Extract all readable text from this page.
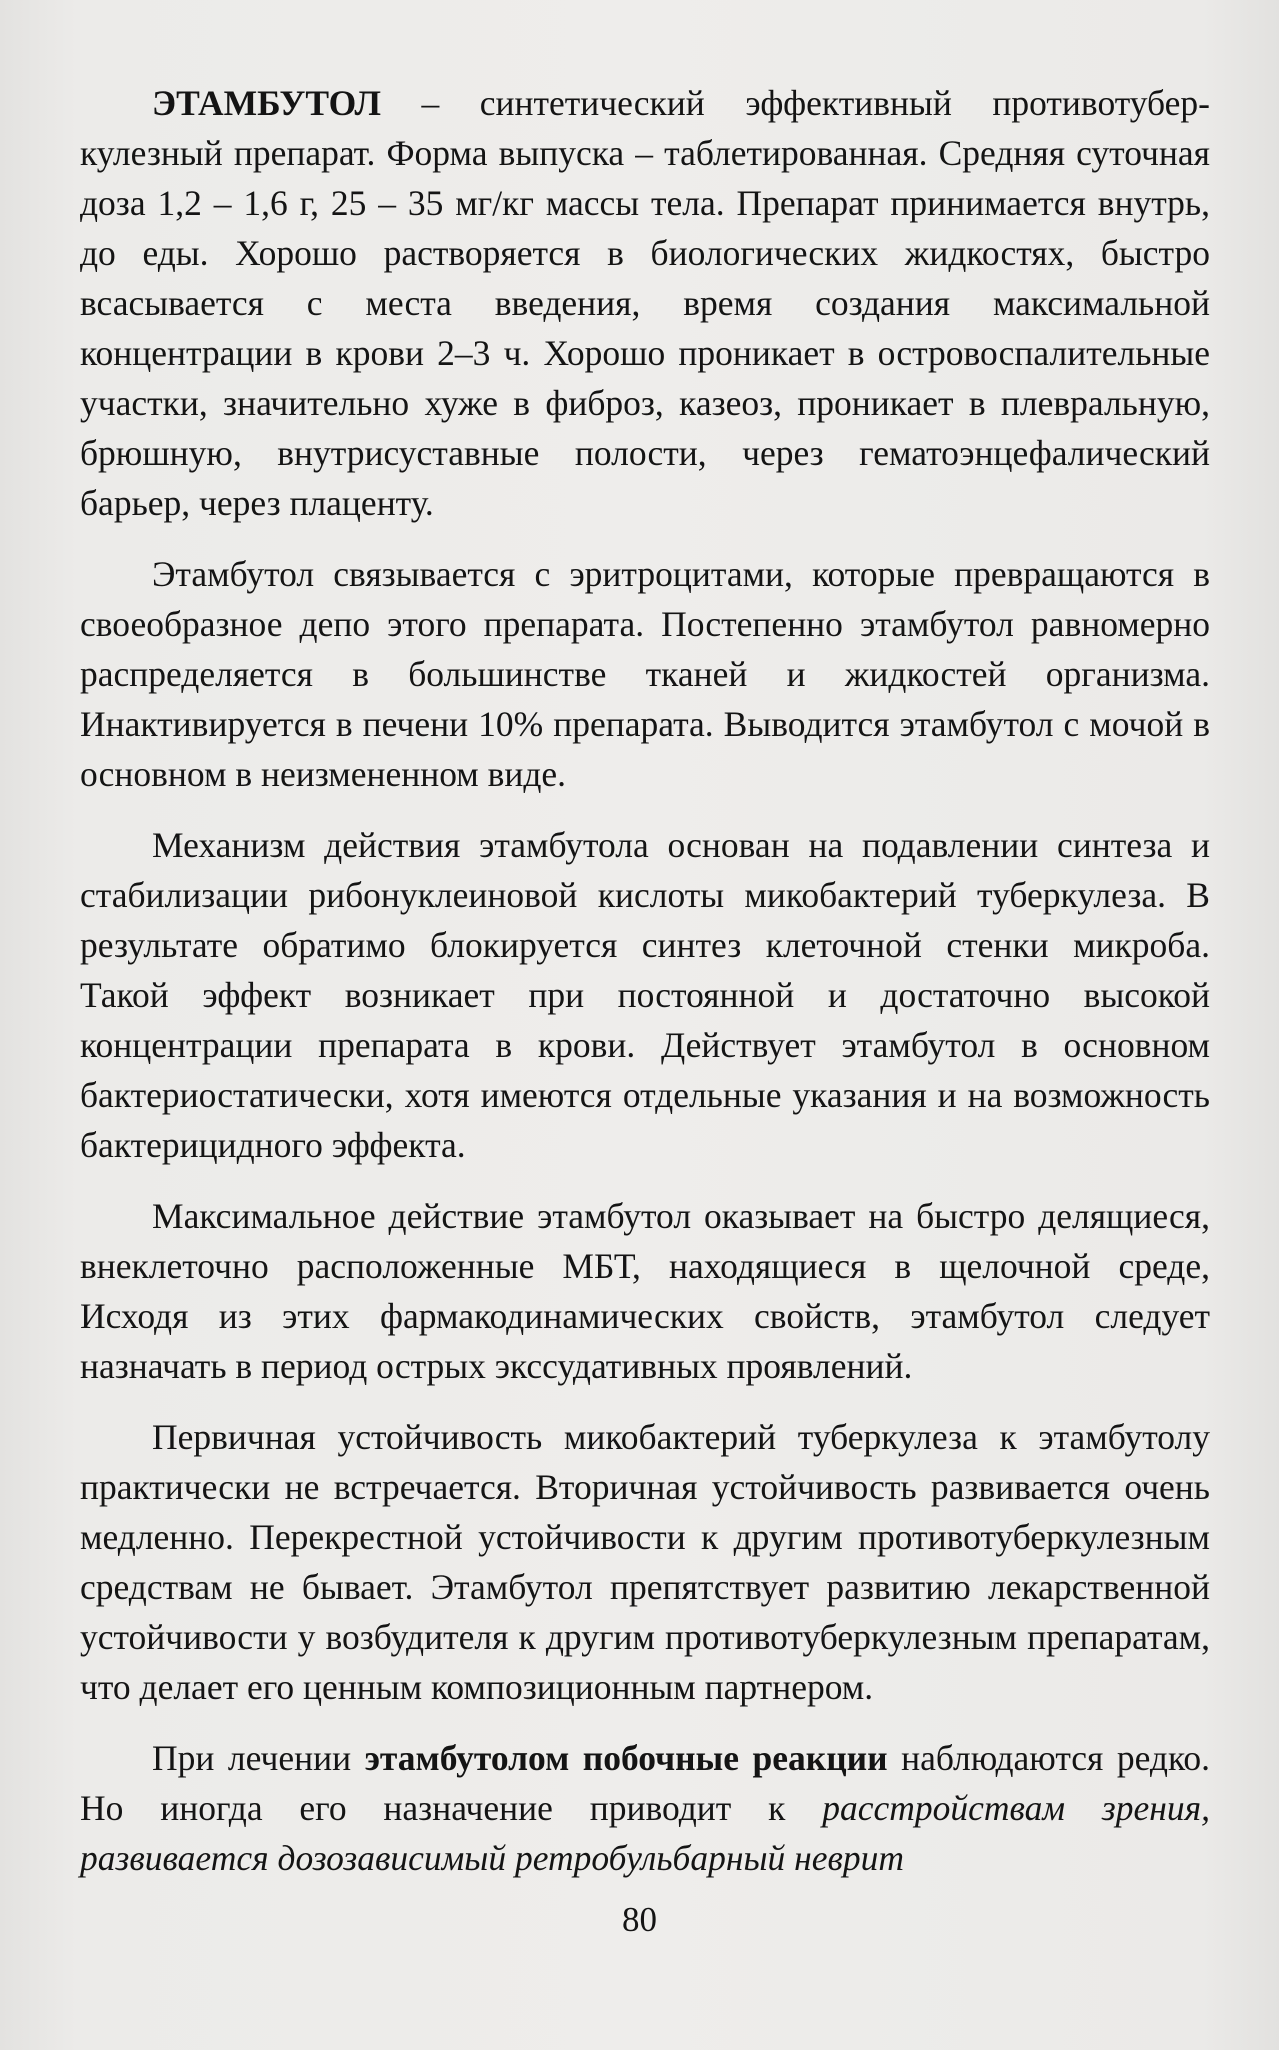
ЭТАМБУТОЛ – синтетический эффективный противотуберкулезный препарат. Форма выпуска – таблетированная. Средняя суточная доза 1,2 – 1,6 г, 25 – 35 мг/кг массы тела. Препарат принимается внутрь, до еды. Хорошо растворяется в биологических жидкостях, быстро всасывается с места введения, время создания максимальной концентрации в крови 2–3 ч. Хорошо проникает в островоспалительные участки, значительно хуже в фиброз, казеоз, проникает в плевральную, брюшную, внутрисуставные полости, через гематоэнцефалический барьер, через плаценту.

Этамбутол связывается с эритроцитами, которые превращаются в своеобразное депо этого препарата. Постепенно этамбутол равномерно распределяется в большинстве тканей и жидкостей организма. Инактивируется в печени 10% препарата. Выводится этамбутол с мочой в основном в неизмененном виде.

Механизм действия этамбутола основан на подавлении синтеза и стабилизации рибонуклеиновой кислоты микобактерий туберкулеза. В результате обратимо блокируется синтез клеточной стенки микроба. Такой эффект возникает при постоянной и достаточно высокой концентрации препарата в крови. Действует этамбутол в основном бактериостатически, хотя имеются отдельные указания и на возможность бактерицидного эффекта.

Максимальное действие этамбутол оказывает на быстро делящиеся, внеклеточно расположенные МБТ, находящиеся в щелочной среде, Исходя из этих фармакодинамических свойств, этамбутол следует назначать в период острых экссудативных проявлений.

Первичная устойчивость микобактерий туберкулеза к этамбутолу практически не встречается. Вторичная устойчивость развивается очень медленно. Перекрестной устойчивости к другим противотуберкулезным средствам не бывает. Этамбутол препятствует развитию лекарственной устойчивости у возбудителя к другим противотуберкулезным препаратам, что делает его ценным композиционным партнером.

При лечении этамбутолом побочные реакции наблюдаются редко. Но иногда его назначение приводит к расстройствам зрения, развивается дозозависимый ретробульбарный неврит

80
